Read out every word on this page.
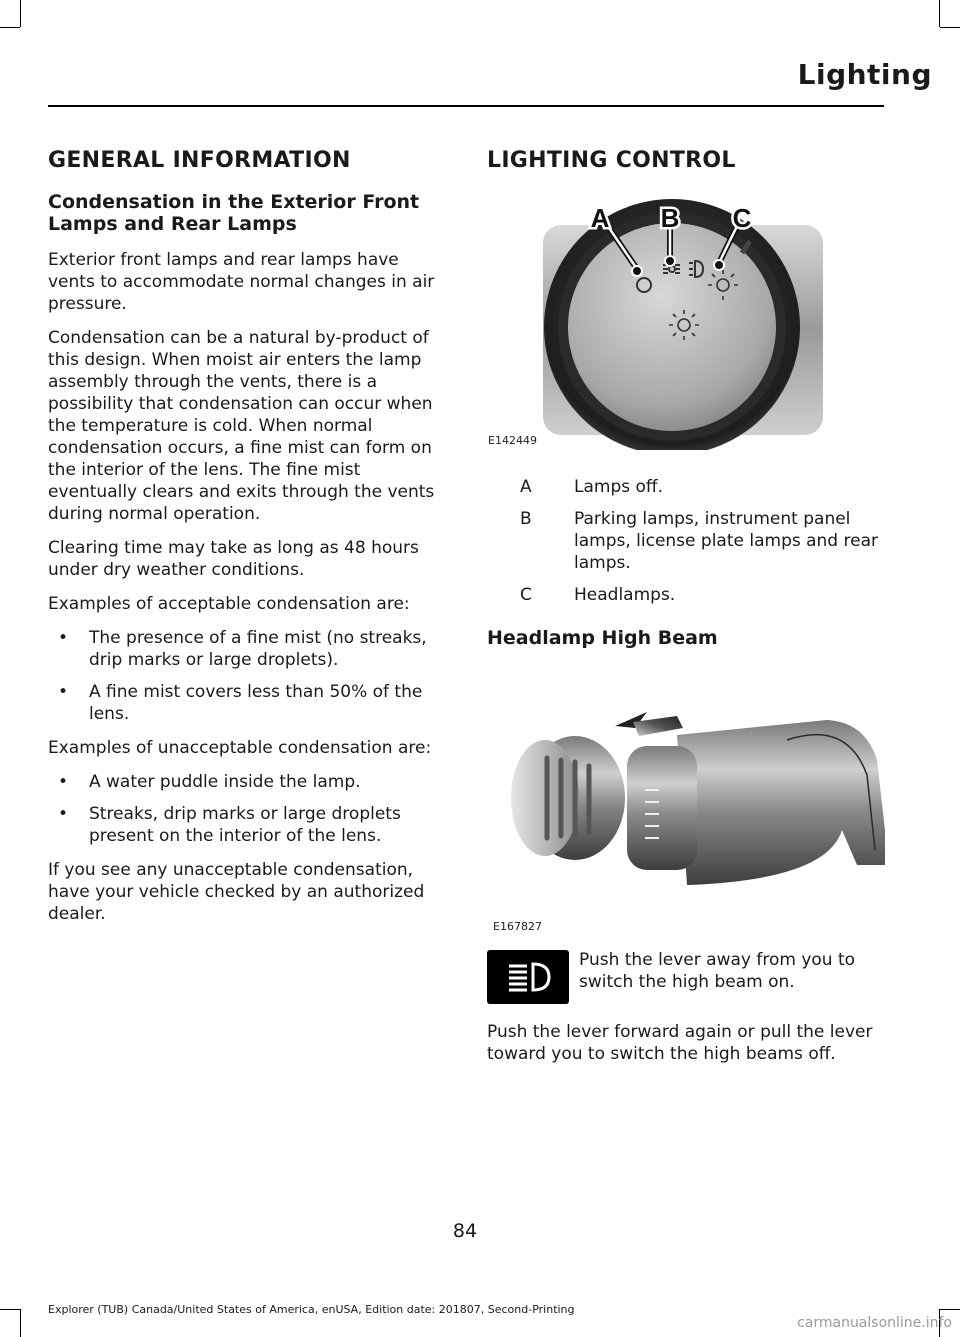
Lighting
GENERAL INFORMATION
Condensation in the Exterior Front Lamps and Rear Lamps

Exterior front lamps and rear lamps have vents to accommodate normal changes in air pressure.

Condensation can be a natural by-product of this design. When moist air enters the lamp assembly through the vents, there is a possibility that condensation can occur when the temperature is cold. When normal condensation occurs, a fine mist can form on the interior of the lens. The fine mist eventually clears and exits through the vents during normal operation.

Clearing time may take as long as 48 hours under dry weather conditions.

Examples of acceptable condensation are:

• The presence of a fine mist (no streaks, drip marks or large droplets).
• A fine mist covers less than 50% of the lens.

Examples of unacceptable condensation are:

• A water puddle inside the lamp.
• Streaks, drip marks or large droplets present on the interior of the lens.

If you see any unacceptable condensation, have your vehicle checked by an authorized dealer.

LIGHTING CONTROL
A B C
E142449
A	Lamps off.
B	Parking lamps, instrument panel lamps, license plate lamps and rear lamps.
C	Headlamps.
Headlamp High Beam
E167827
Push the lever away from you to switch the high beam on.

Push the lever forward again or pull the lever toward you to switch the high beams off.

84
Explorer (TUB) Canada/United States of America, enUSA, Edition date: 201807, Second-Printing
carmanualsonline.info
